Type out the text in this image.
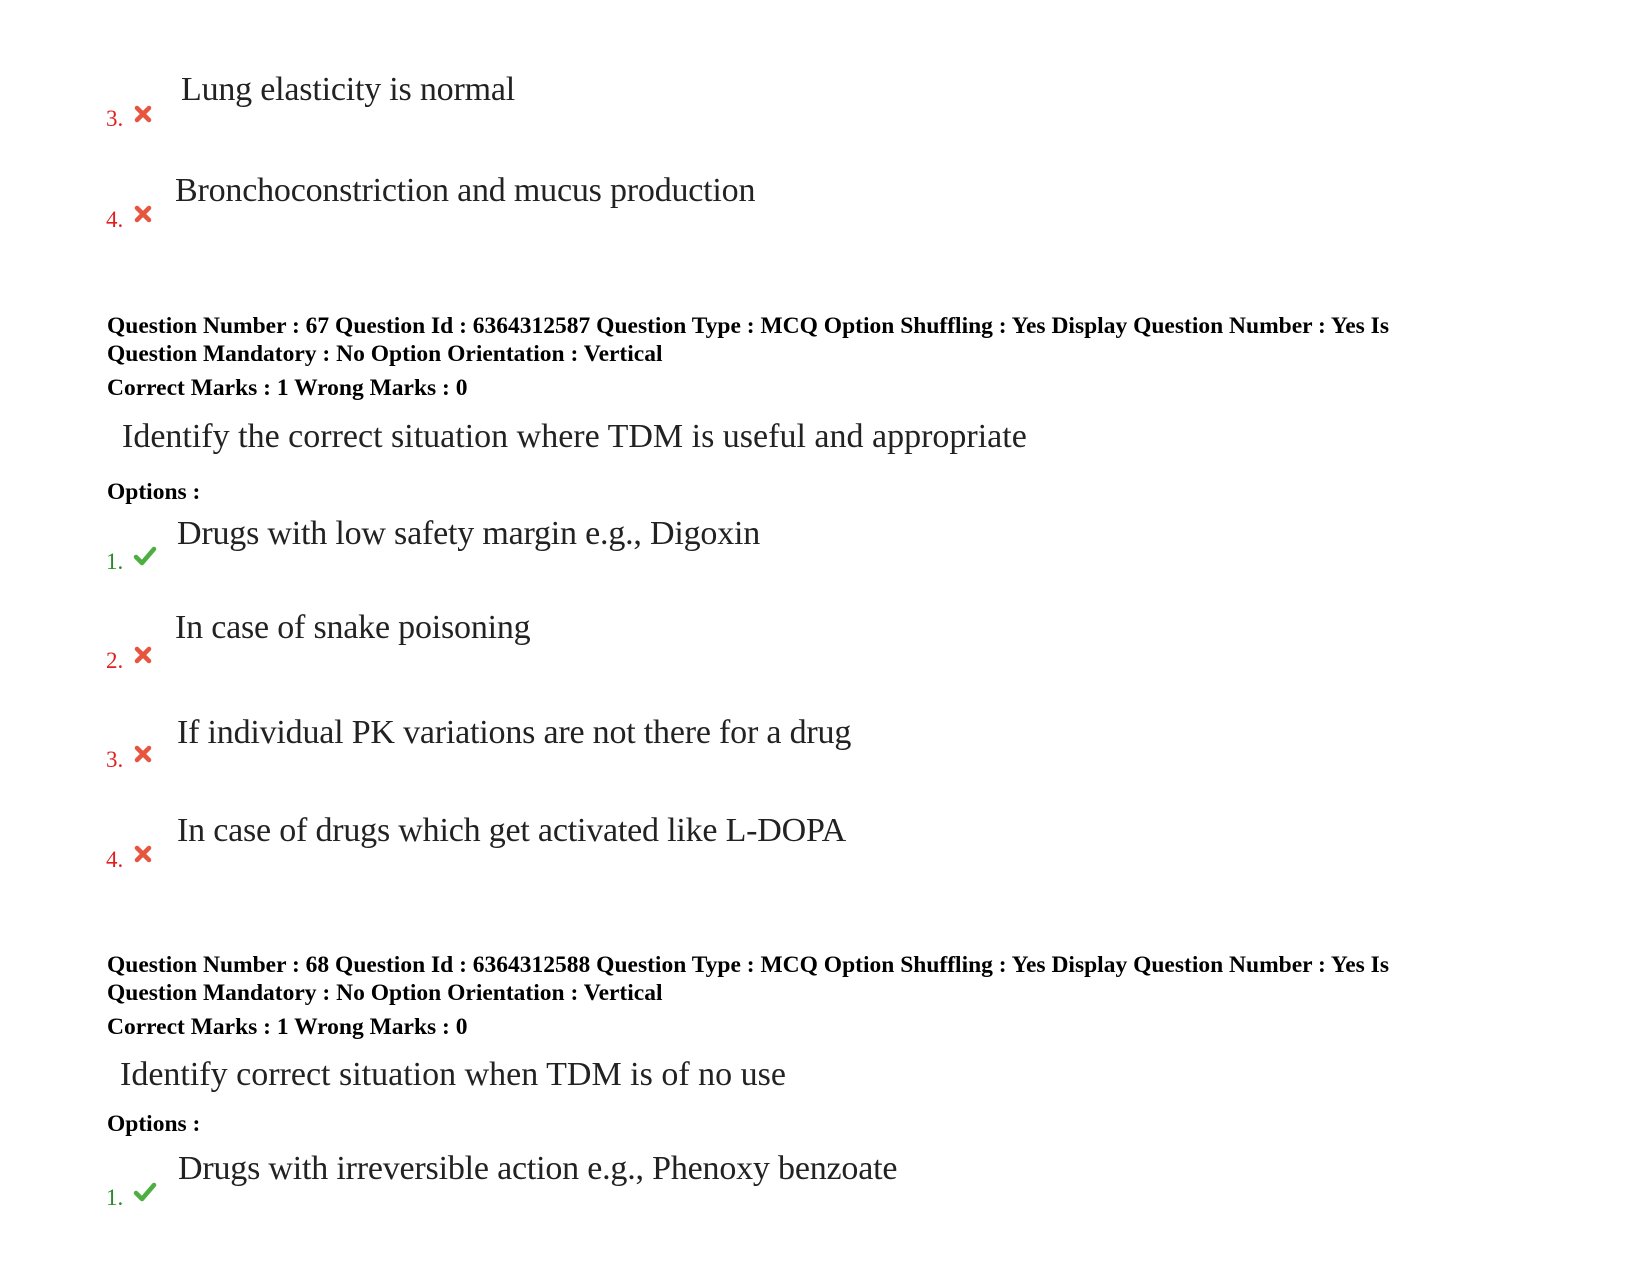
3.
Lung elasticity is normal
4.
Bronchoconstriction and mucus production
Question Number : 67 Question Id : 6364312587 Question Type : MCQ Option Shuffling : Yes Display Question Number : Yes Is
Question Mandatory : No Option Orientation : Vertical
Correct Marks : 1 Wrong Marks : 0
Identify the correct situation where TDM is useful and appropriate
Options :
1.
Drugs with low safety margin e.g., Digoxin
2.
In case of snake poisoning
3.
If individual PK variations are not there for a drug
4.
In case of drugs which get activated like L-DOPA
Question Number : 68 Question Id : 6364312588 Question Type : MCQ Option Shuffling : Yes Display Question Number : Yes Is
Question Mandatory : No Option Orientation : Vertical
Correct Marks : 1 Wrong Marks : 0
Identify correct situation when TDM is of no use
Options :
1.
Drugs with irreversible action e.g., Phenoxy benzoate
